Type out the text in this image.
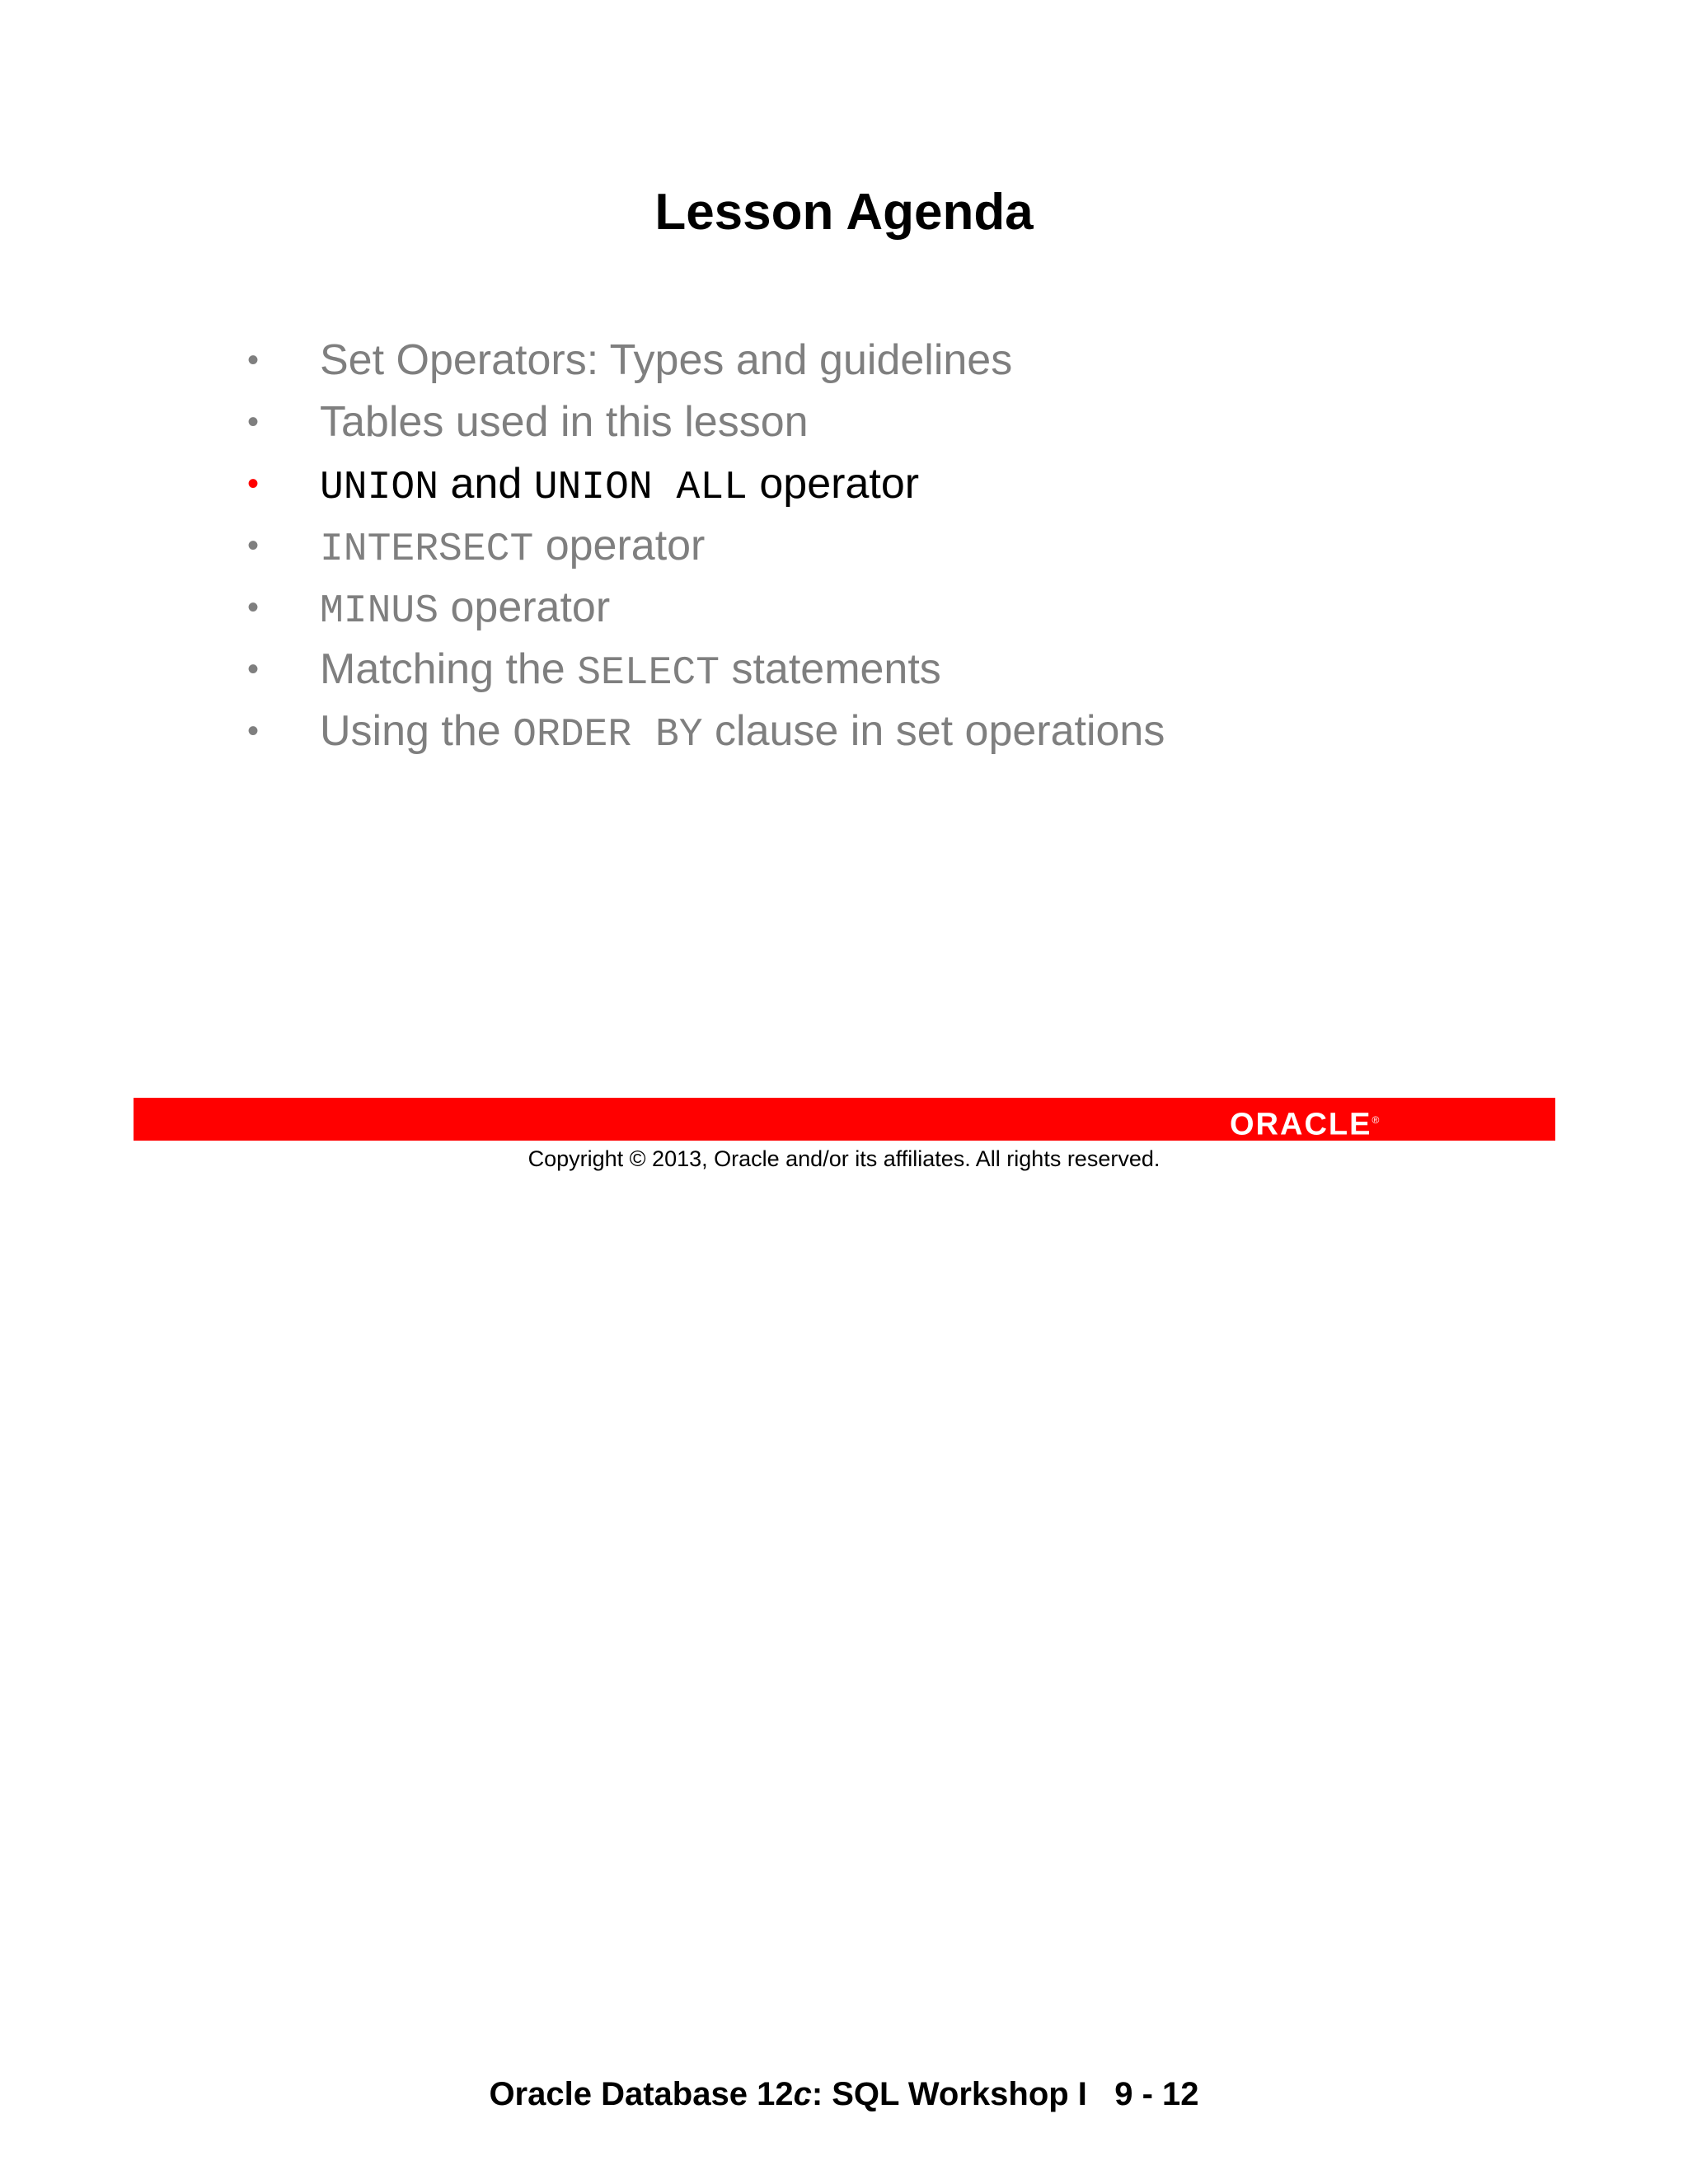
Lesson Agenda
• Set Operators: Types and guidelines
• Tables used in this lesson
• UNION and UNION ALL operator
• INTERSECT operator
• MINUS operator
• Matching the SELECT statements
• Using the ORDER BY clause in set operations
ORACLE®
Copyright © 2013, Oracle and/or its affiliates. All rights reserved.
Oracle Database 12c: SQL Workshop I   9 - 12
